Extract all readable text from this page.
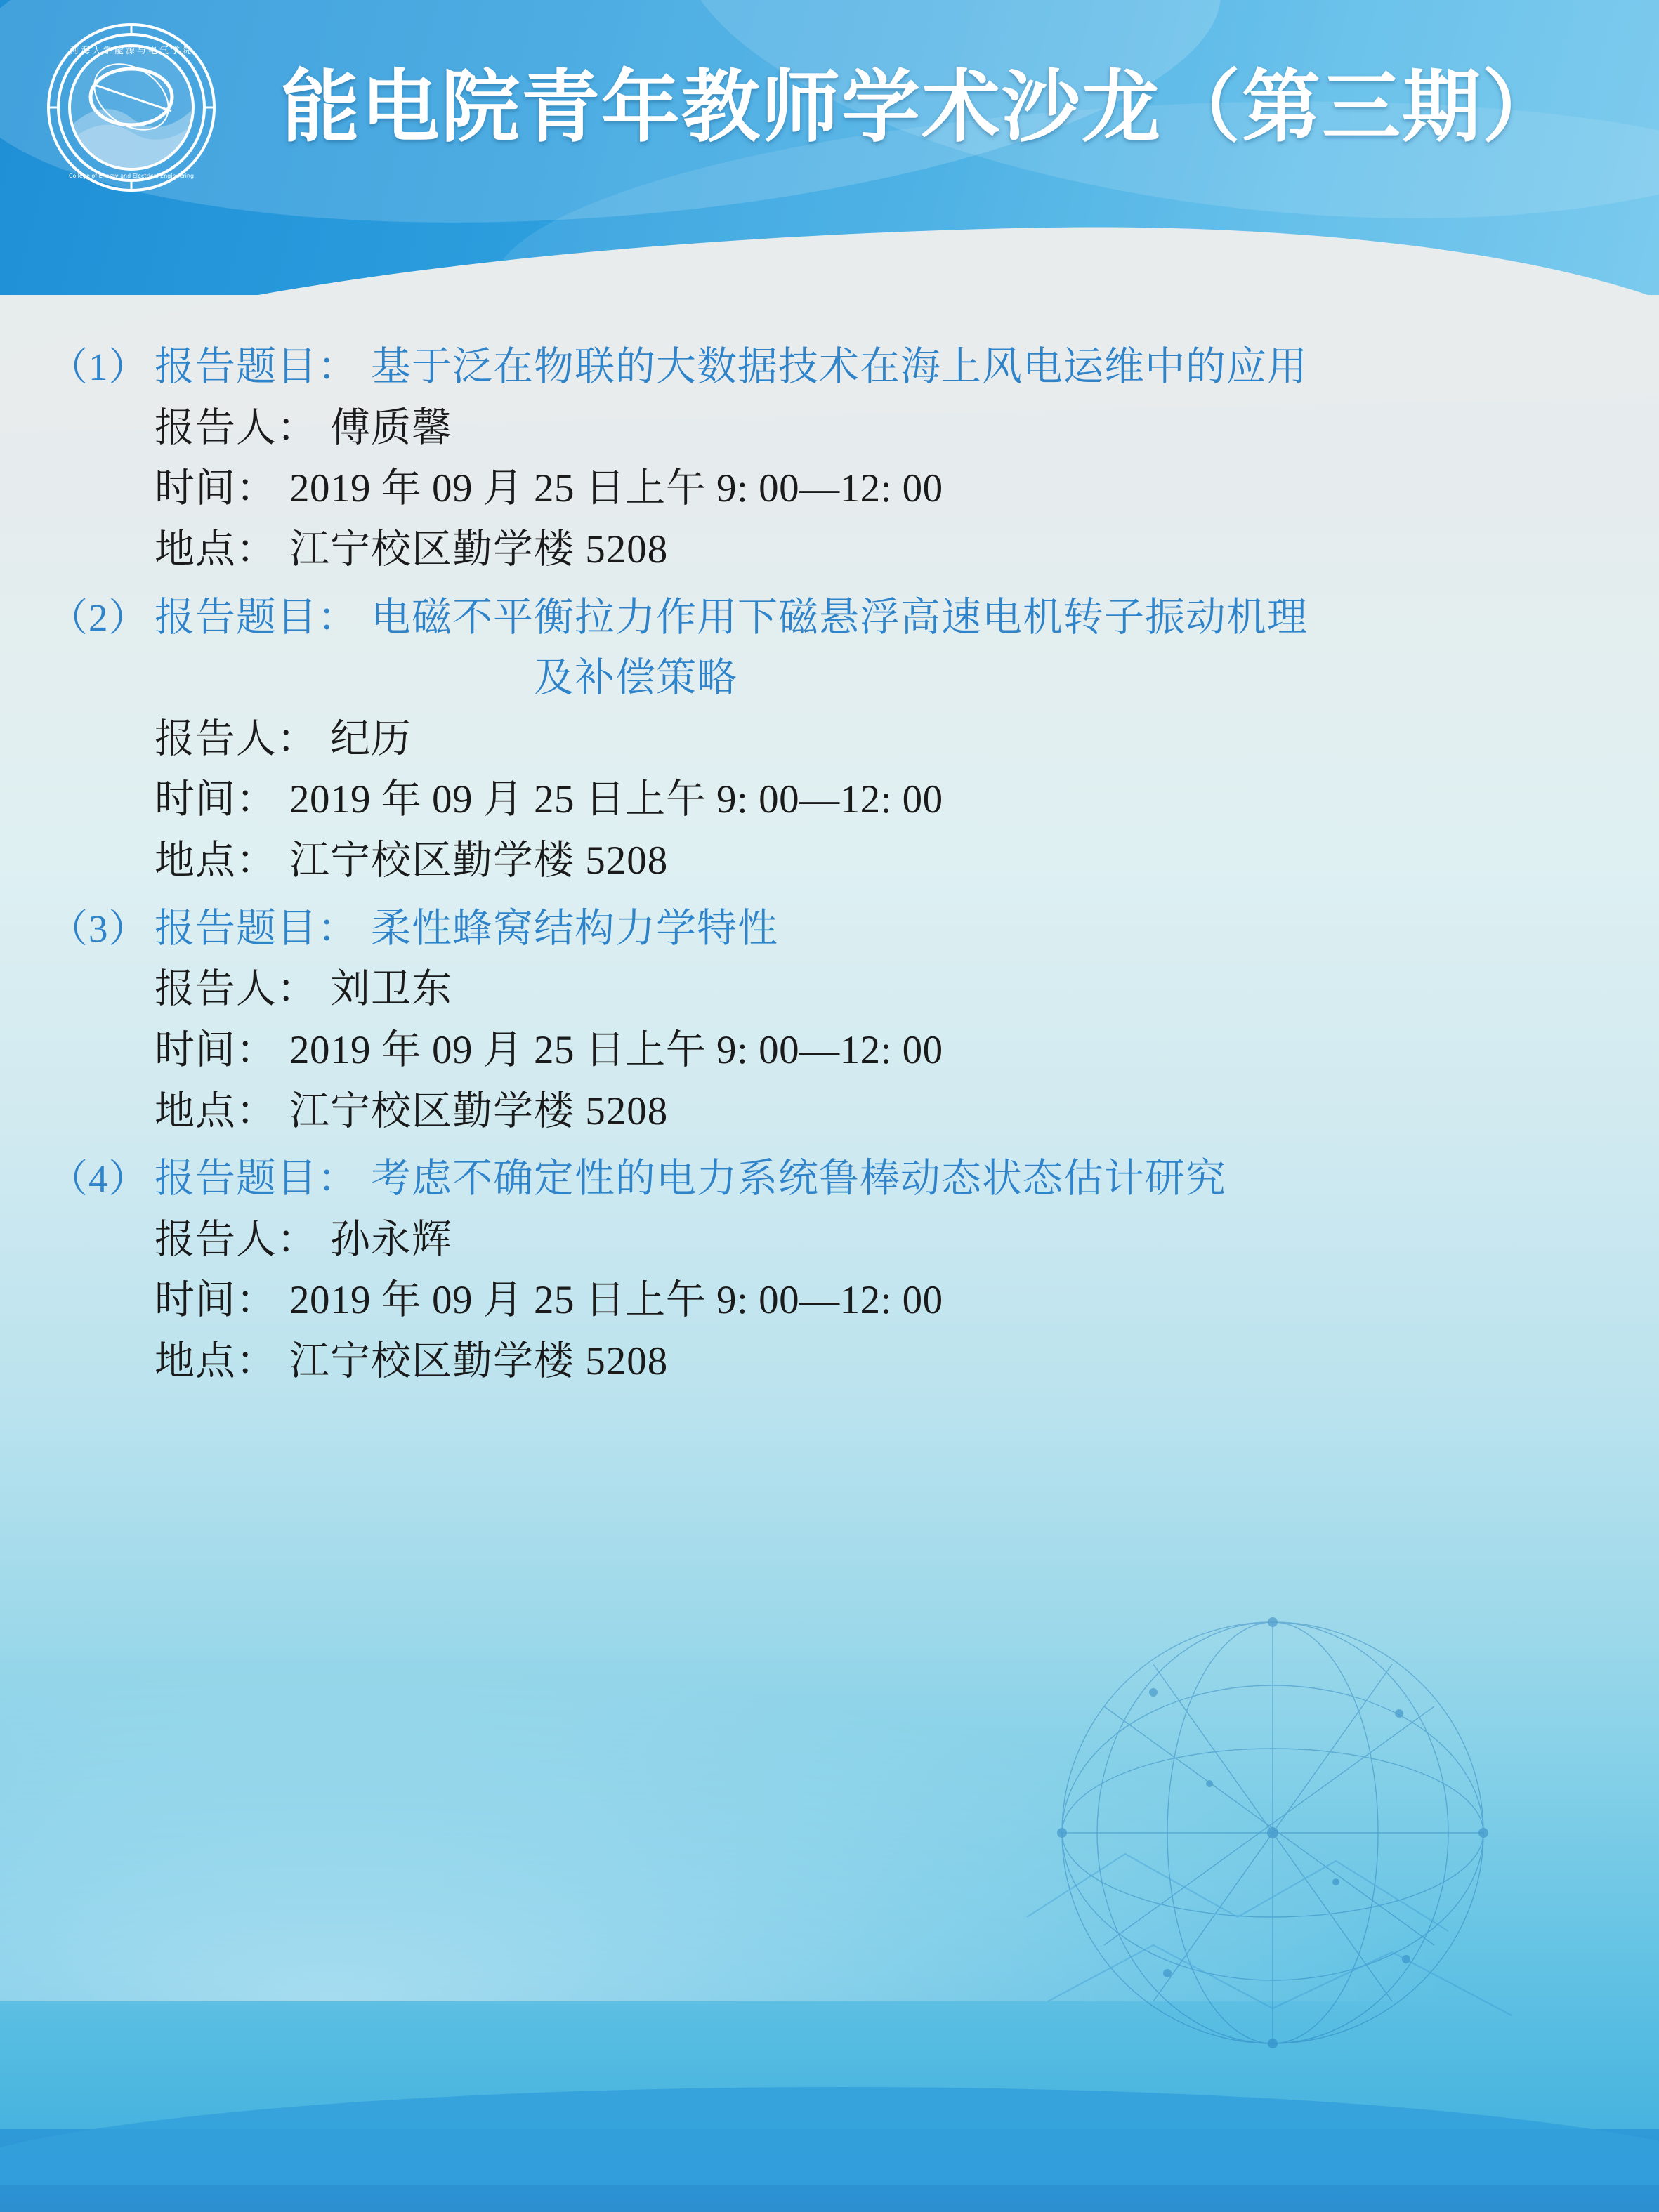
河海大学能源与电气学院
College of Energy and Electrical Engineering
能电院青年教师学术沙龙（第三期）
（1） 报告题目： 基于泛在物联的大数据技术在海上风电运维中的应用
报告人： 傅质馨
时间： 2019 年 09 月 25 日上午 9: 00—12: 00
地点： 江宁校区勤学楼 5208
（2） 报告题目： 电磁不平衡拉力作用下磁悬浮高速电机转子振动机理
及补偿策略
报告人： 纪历
时间： 2019 年 09 月 25 日上午 9: 00—12: 00
地点： 江宁校区勤学楼 5208
（3） 报告题目： 柔性蜂窝结构力学特性
报告人： 刘卫东
时间： 2019 年 09 月 25 日上午 9: 00—12: 00
地点： 江宁校区勤学楼 5208
（4） 报告题目： 考虑不确定性的电力系统鲁棒动态状态估计研究
报告人： 孙永辉
时间： 2019 年 09 月 25 日上午 9: 00—12: 00
地点： 江宁校区勤学楼 5208
